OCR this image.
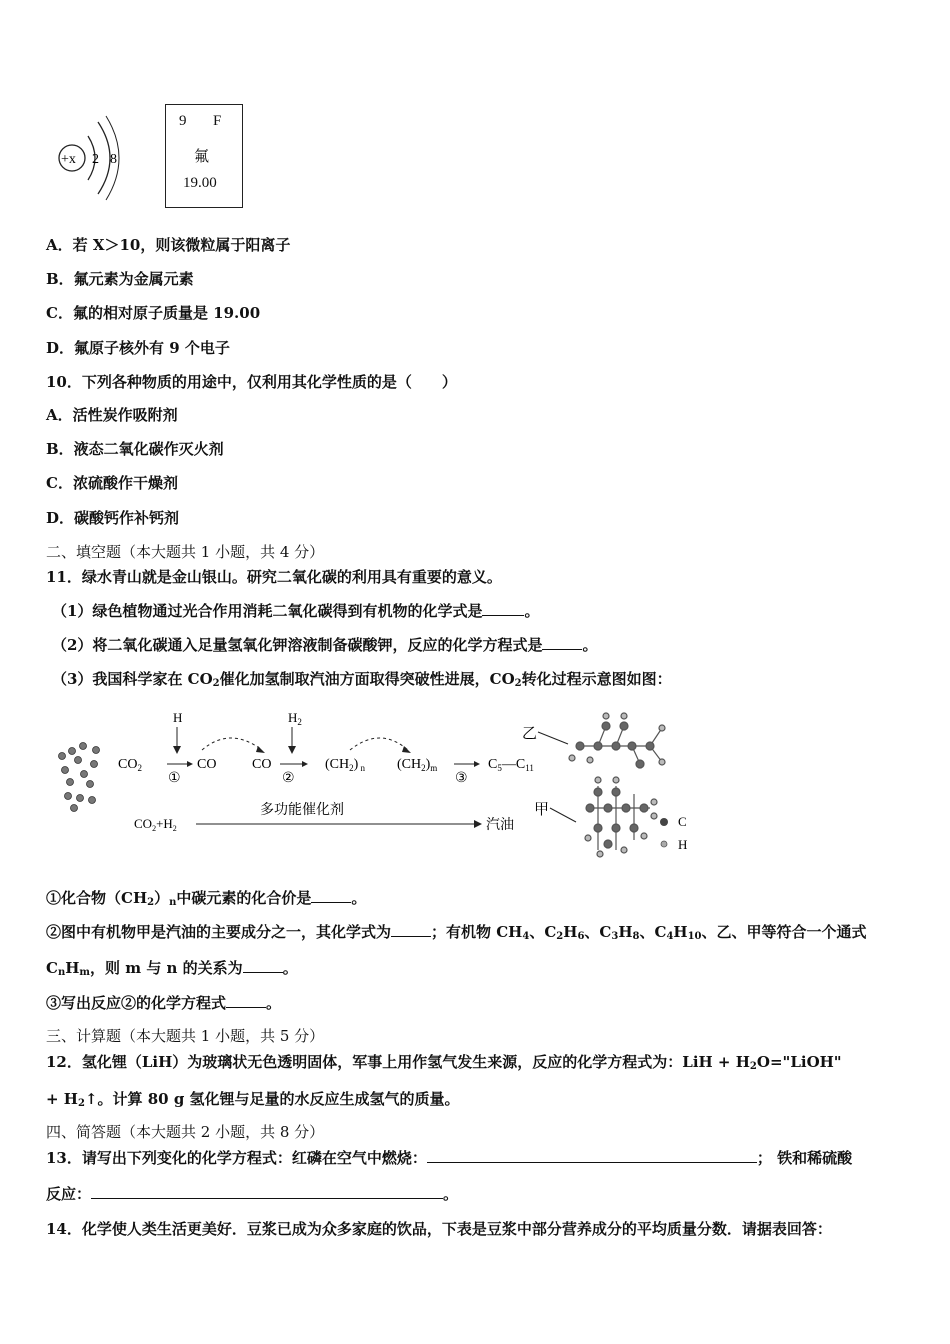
+x 2 8
9 F
氟
19.00
A．若 X＞10，则该微粒属于阳离子
B．氟元素为金属元素
C．氟的相对原子质量是 19.00
D．氟原子核外有 9 个电子
10．下列各种物质的用途中，仅利用其化学性质的是（　　）
A．活性炭作吸附剂
B．液态二氧化碳作灭火剂
C．浓硫酸作干燥剂
D．碳酸钙作补钙剂
二、填空题（本大题共 1 小题，共 4 分）
11．绿水青山就是金山银山。研究二氧化碳的利用具有重要的意义。
（1）绿色植物通过光合作用消耗二氧化碳得到有机物的化学式是	。
（2）将二氧化碳通入足量氢氧化钾溶液制备碳酸钾，反应的化学方程式是	。
（3）我国科学家在 $CO_2$催化加氢制取汽油方面取得突破性进展，$CO_2$转化过程示意图如图：
$CO_2$
H
①
CO	CO
$H_2$
②
$(CH_2)$ $_n$ $(CH_2)_m$
③
$C_5—C_{11}$
$CO_2+H_2$
多功能催化剂
汽油
乙
甲
C
H
①化合物$(CH_2)_n$中碳元素的化合价是	。
②图中有机物甲是汽油的主要成分之一，其化学式为	；有机物 $CH_4$、$C_2H_6$、$C_3H_8$、$C_4H_{10}$、乙、甲等符合一个通式
$C_nH_m$，则 m 与 n 的关系为	。
③写出反应②的化学方程式	。
三、计算题（本大题共 1 小题，共 5 分）
12．氢化锂（LiH）为玻璃状无色透明固体，军事上用作氢气发生来源，反应的化学方程式为：LiH + $H_2O="LiOH$"
+ $H_2↑$。计算 80 g 氢化锂与足量的水反应生成氢气的质量。
四、简答题（本大题共 2 小题，共 8 分）
13．请写出下列变化的化学方程式：红磷在空气中燃烧：	； 铁和稀硫酸
反应：	。
14．化学使人类生活更美好．豆浆已成为众多家庭的饮品，下表是豆浆中部分营养成分的平均质量分数．请据表回答：
